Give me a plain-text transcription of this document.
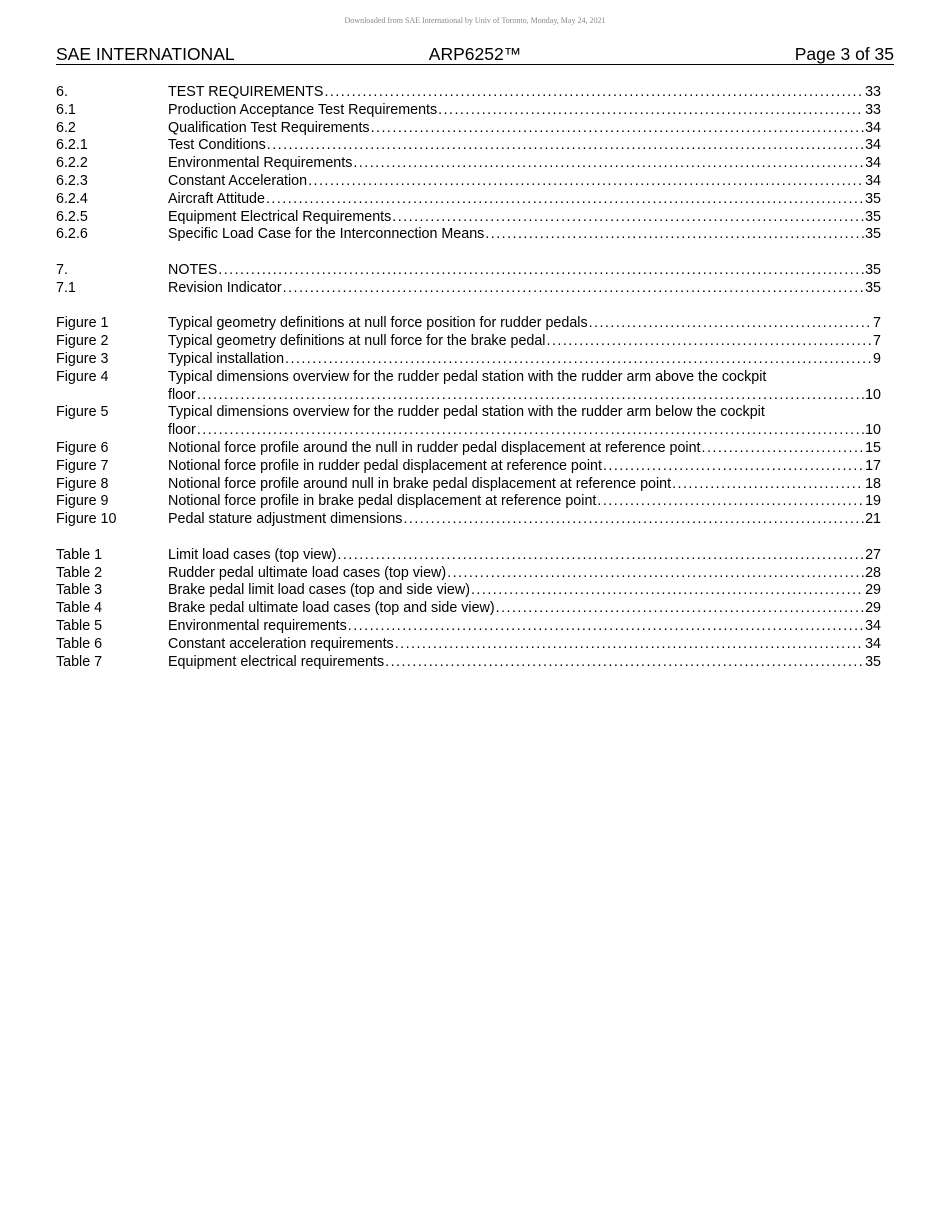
Downloaded from SAE International by Univ of Toronto, Monday, May 24, 2021
SAE INTERNATIONAL	ARP6252™	Page 3 of 35
6.	TEST REQUIREMENTS . . .	33
6.1	Production Acceptance Test Requirements . . .	33
6.2	Qualification Test Requirements . . .	34
6.2.1	Test Conditions . . .	34
6.2.2	Environmental Requirements . . .	34
6.2.3	Constant Acceleration . . .	34
6.2.4	Aircraft Attitude . . .	35
6.2.5	Equipment Electrical Requirements . . .	35
6.2.6	Specific Load Case for the Interconnection Means . . .	35
7.	NOTES . . .	35
7.1	Revision Indicator . . .	35
Figure 1	Typical geometry definitions at null force position for rudder pedals . . .	7
Figure 2	Typical geometry definitions at null force for the brake pedal . . .	7
Figure 3	Typical installation . . .	9
Figure 4	Typical dimensions overview for the rudder pedal station with the rudder arm above the cockpit
floor . . .	10
Figure 5	Typical dimensions overview for the rudder pedal station with the rudder arm below the cockpit
floor . . .	10
Figure 6	Notional force profile around the null in rudder pedal displacement at reference point . . .	15
Figure 7	Notional force profile in rudder pedal displacement at reference point . . .	17
Figure 8	Notional force profile around null in brake pedal displacement at reference point . . .	18
Figure 9	Notional force profile in brake pedal displacement at reference point . . .	19
Figure 10	Pedal stature adjustment dimensions . . .	21
Table 1	Limit load cases (top view) . . .	27
Table 2	Rudder pedal ultimate load cases (top view) . . .	28
Table 3	Brake pedal limit load cases (top and side view) . . .	29
Table 4	Brake pedal ultimate load cases (top and side view) . . .	29
Table 5	Environmental requirements . . .	34
Table 6	Constant acceleration requirements . . .	34
Table 7	Equipment electrical requirements . . .	35
